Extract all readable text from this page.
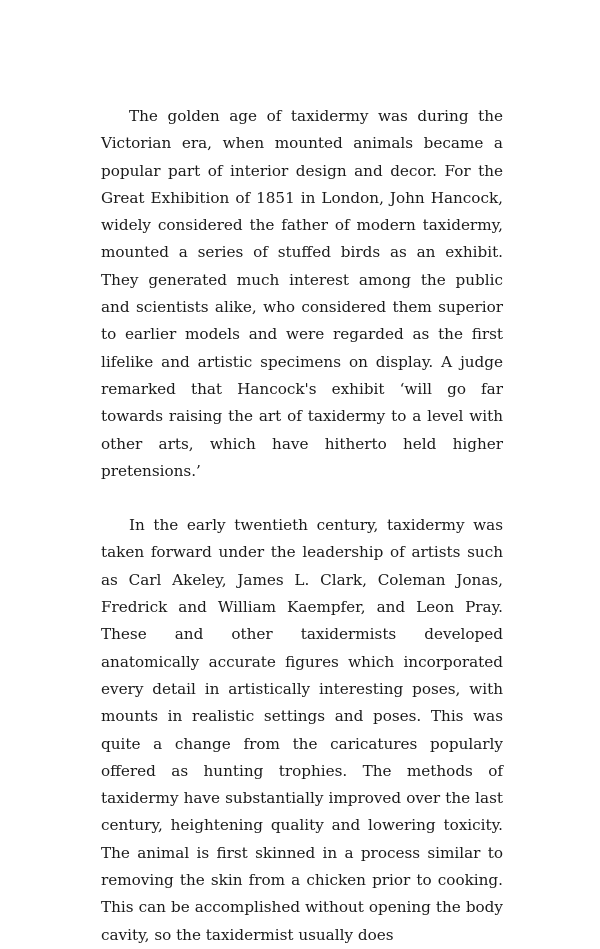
The golden age of taxidermy was during the Victorian era, when mounted animals became a popular part of interior design and decor. For the Great Exhibition of 1851 in London, John Hancock, widely considered the father of modern taxidermy, mounted a series of stuffed birds as an exhibit. They generated much interest among the public and scientists alike, who considered them superior to earlier models and were regarded as the first lifelike and artistic specimens on display. A judge remarked that Hancock's exhibit ‘will go far towards raising the art of taxidermy to a level with other arts, which have hitherto held higher pretensions.’

In the early twentieth century, taxidermy was taken forward under the leadership of artists such as Carl Akeley, James L. Clark, Coleman Jonas, Fredrick and William Kaempfer, and Leon Pray. These and other taxidermists developed anatomically accurate figures which incorporated every detail in artistically interesting poses, with mounts in realistic settings and poses. This was quite a change from the caricatures popularly offered as hunting trophies. The methods of taxidermy have substantially improved over the last century, heightening quality and lowering toxicity. The animal is first skinned in a process similar to removing the skin from a chicken prior to cooking. This can be accomplished without opening the body cavity, so the taxidermist usually does
